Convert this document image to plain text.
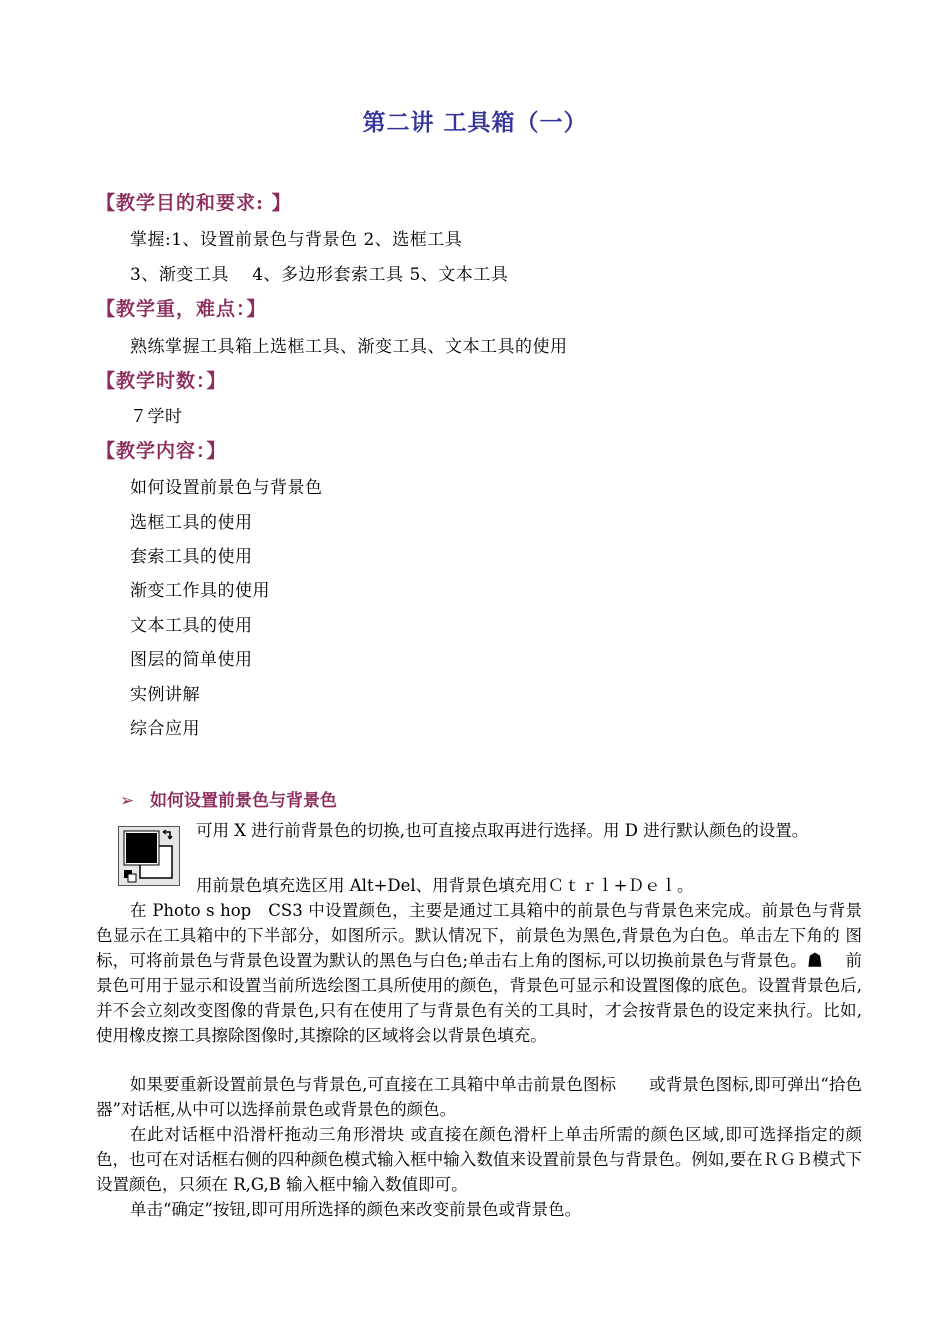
第二讲 工具箱（一）
【教学目的和要求: 】
掌握:1、设置前景色与背景色 2、选框工具
3、渐变工具　 4、多边形套索工具 5、文本工具
【教学重，难点：】
熟练掌握工具箱上选框工具、渐变工具、文本工具的使用
【教学时数：】
７学时
【教学内容：】
如何设置前景色与背景色
选框工具的使用
套索工具的使用
渐变工作具的使用
文本工具的使用
图层的简单使用
实例讲解
综合应用
➢ 如何设置前景色与背景色
可用 X 进行前背景色的切换,也可直接点取再进行选择。用 D 进行默认颜色的设置。
用前景色填充选区用 Alt+Del、用背景色填充用Ｃｔｒｌ+Ｄｅｌ。
在 Photo s hop　CS3 中设置颜色，主要是通过工具箱中的前景色与背景色来完成。前景色与背景色显示在工具箱中的下半部分，如图所示。默认情况下，前景色为黑色,背景色为白色。单击左下角的 图标，可将前景色与背景色设置为默认的黑色与白色;单击右上角的图标,可以切换前景色与背景色。☗　 前景色可用于显示和设置当前所选绘图工具所使用的颜色，背景色可显示和设置图像的底色。设置背景色后,并不会立刻改变图像的背景色,只有在使用了与背景色有关的工具时，才会按背景色的设定来执行。比如,使用橡皮擦工具擦除图像时,其擦除的区域将会以背景色填充。
如果要重新设置前景色与背景色,可直接在工具箱中单击前景色图标　　或背景色图标,即可弹出“拾色器”对话框,从中可以选择前景色或背景色的颜色。
在此对话框中沿滑杆拖动三角形滑块 或直接在颜色滑杆上单击所需的颜色区域,即可选择指定的颜色，也可在对话框右侧的四种颜色模式输入框中输入数值来设置前景色与背景色。例如,要在ＲＧＢ模式下设置颜色，只须在 R,G,B 输入框中输入数值即可。
单击“确定”按钮,即可用所选择的颜色来改变前景色或背景色。
